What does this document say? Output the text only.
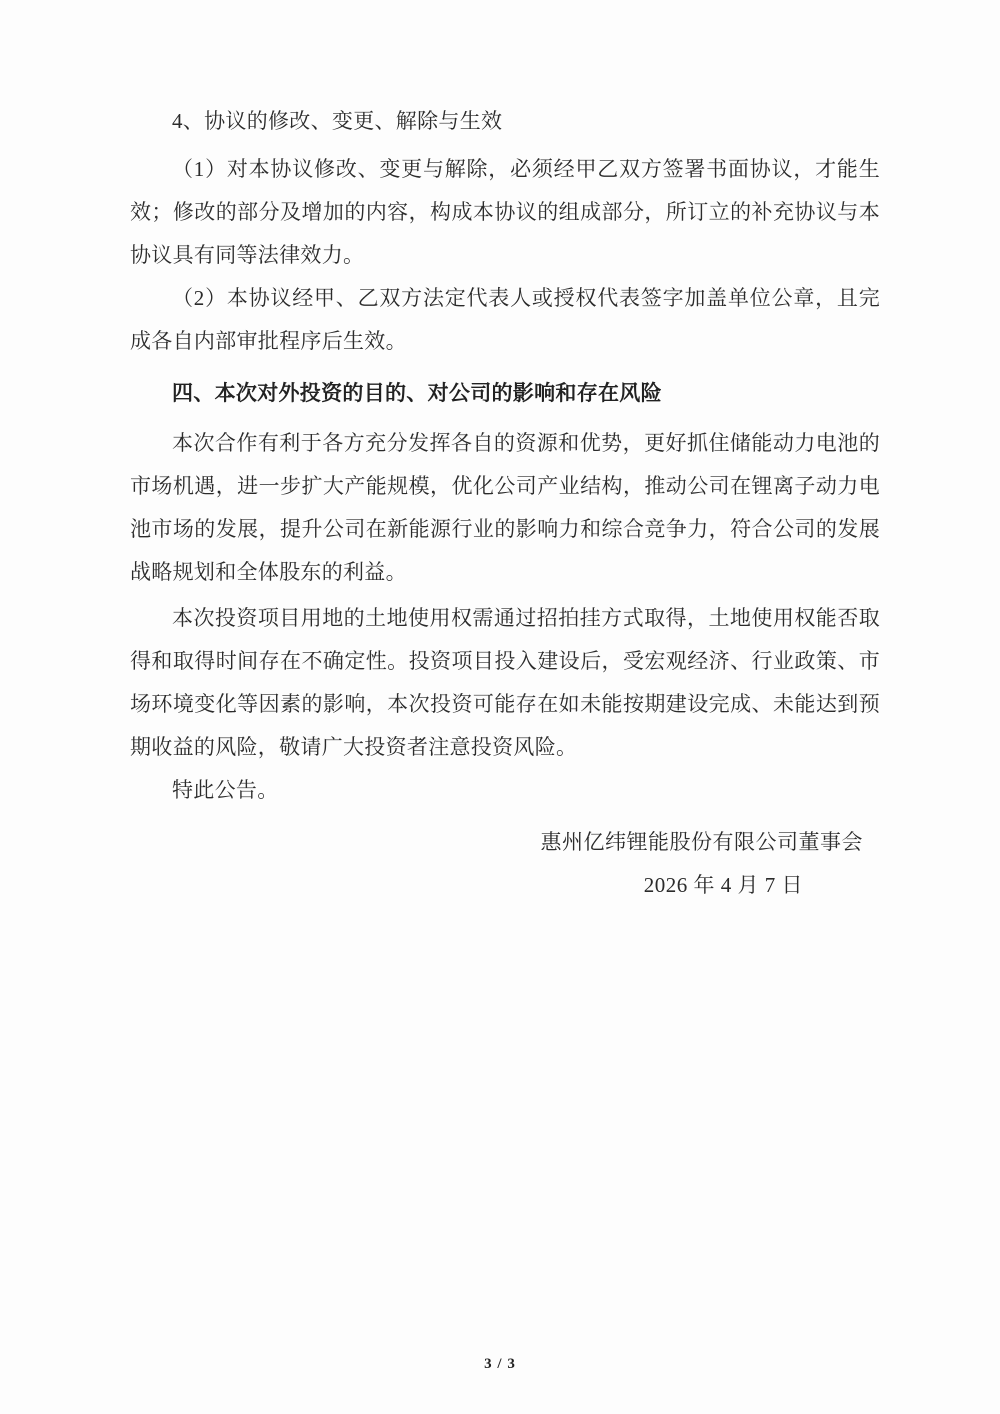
4、协议的修改、变更、解除与生效

（1）对本协议修改、变更与解除，必须经甲乙双方签署书面协议，才能生效；修改的部分及增加的内容，构成本协议的组成部分，所订立的补充协议与本协议具有同等法律效力。

（2）本协议经甲、乙双方法定代表人或授权代表签字加盖单位公章，且完成各自内部审批程序后生效。

四、本次对外投资的目的、对公司的影响和存在风险

本次合作有利于各方充分发挥各自的资源和优势，更好抓住储能动力电池的市场机遇，进一步扩大产能规模，优化公司产业结构，推动公司在锂离子动力电池市场的发展，提升公司在新能源行业的影响力和综合竞争力，符合公司的发展战略规划和全体股东的利益。

本次投资项目用地的土地使用权需通过招拍挂方式取得，土地使用权能否取得和取得时间存在不确定性。投资项目投入建设后，受宏观经济、行业政策、市场环境变化等因素的影响，本次投资可能存在如未能按期建设完成、未能达到预期收益的风险，敬请广大投资者注意投资风险。

特此公告。

惠州亿纬锂能股份有限公司董事会

2026 年 4 月 7 日

3 / 3
